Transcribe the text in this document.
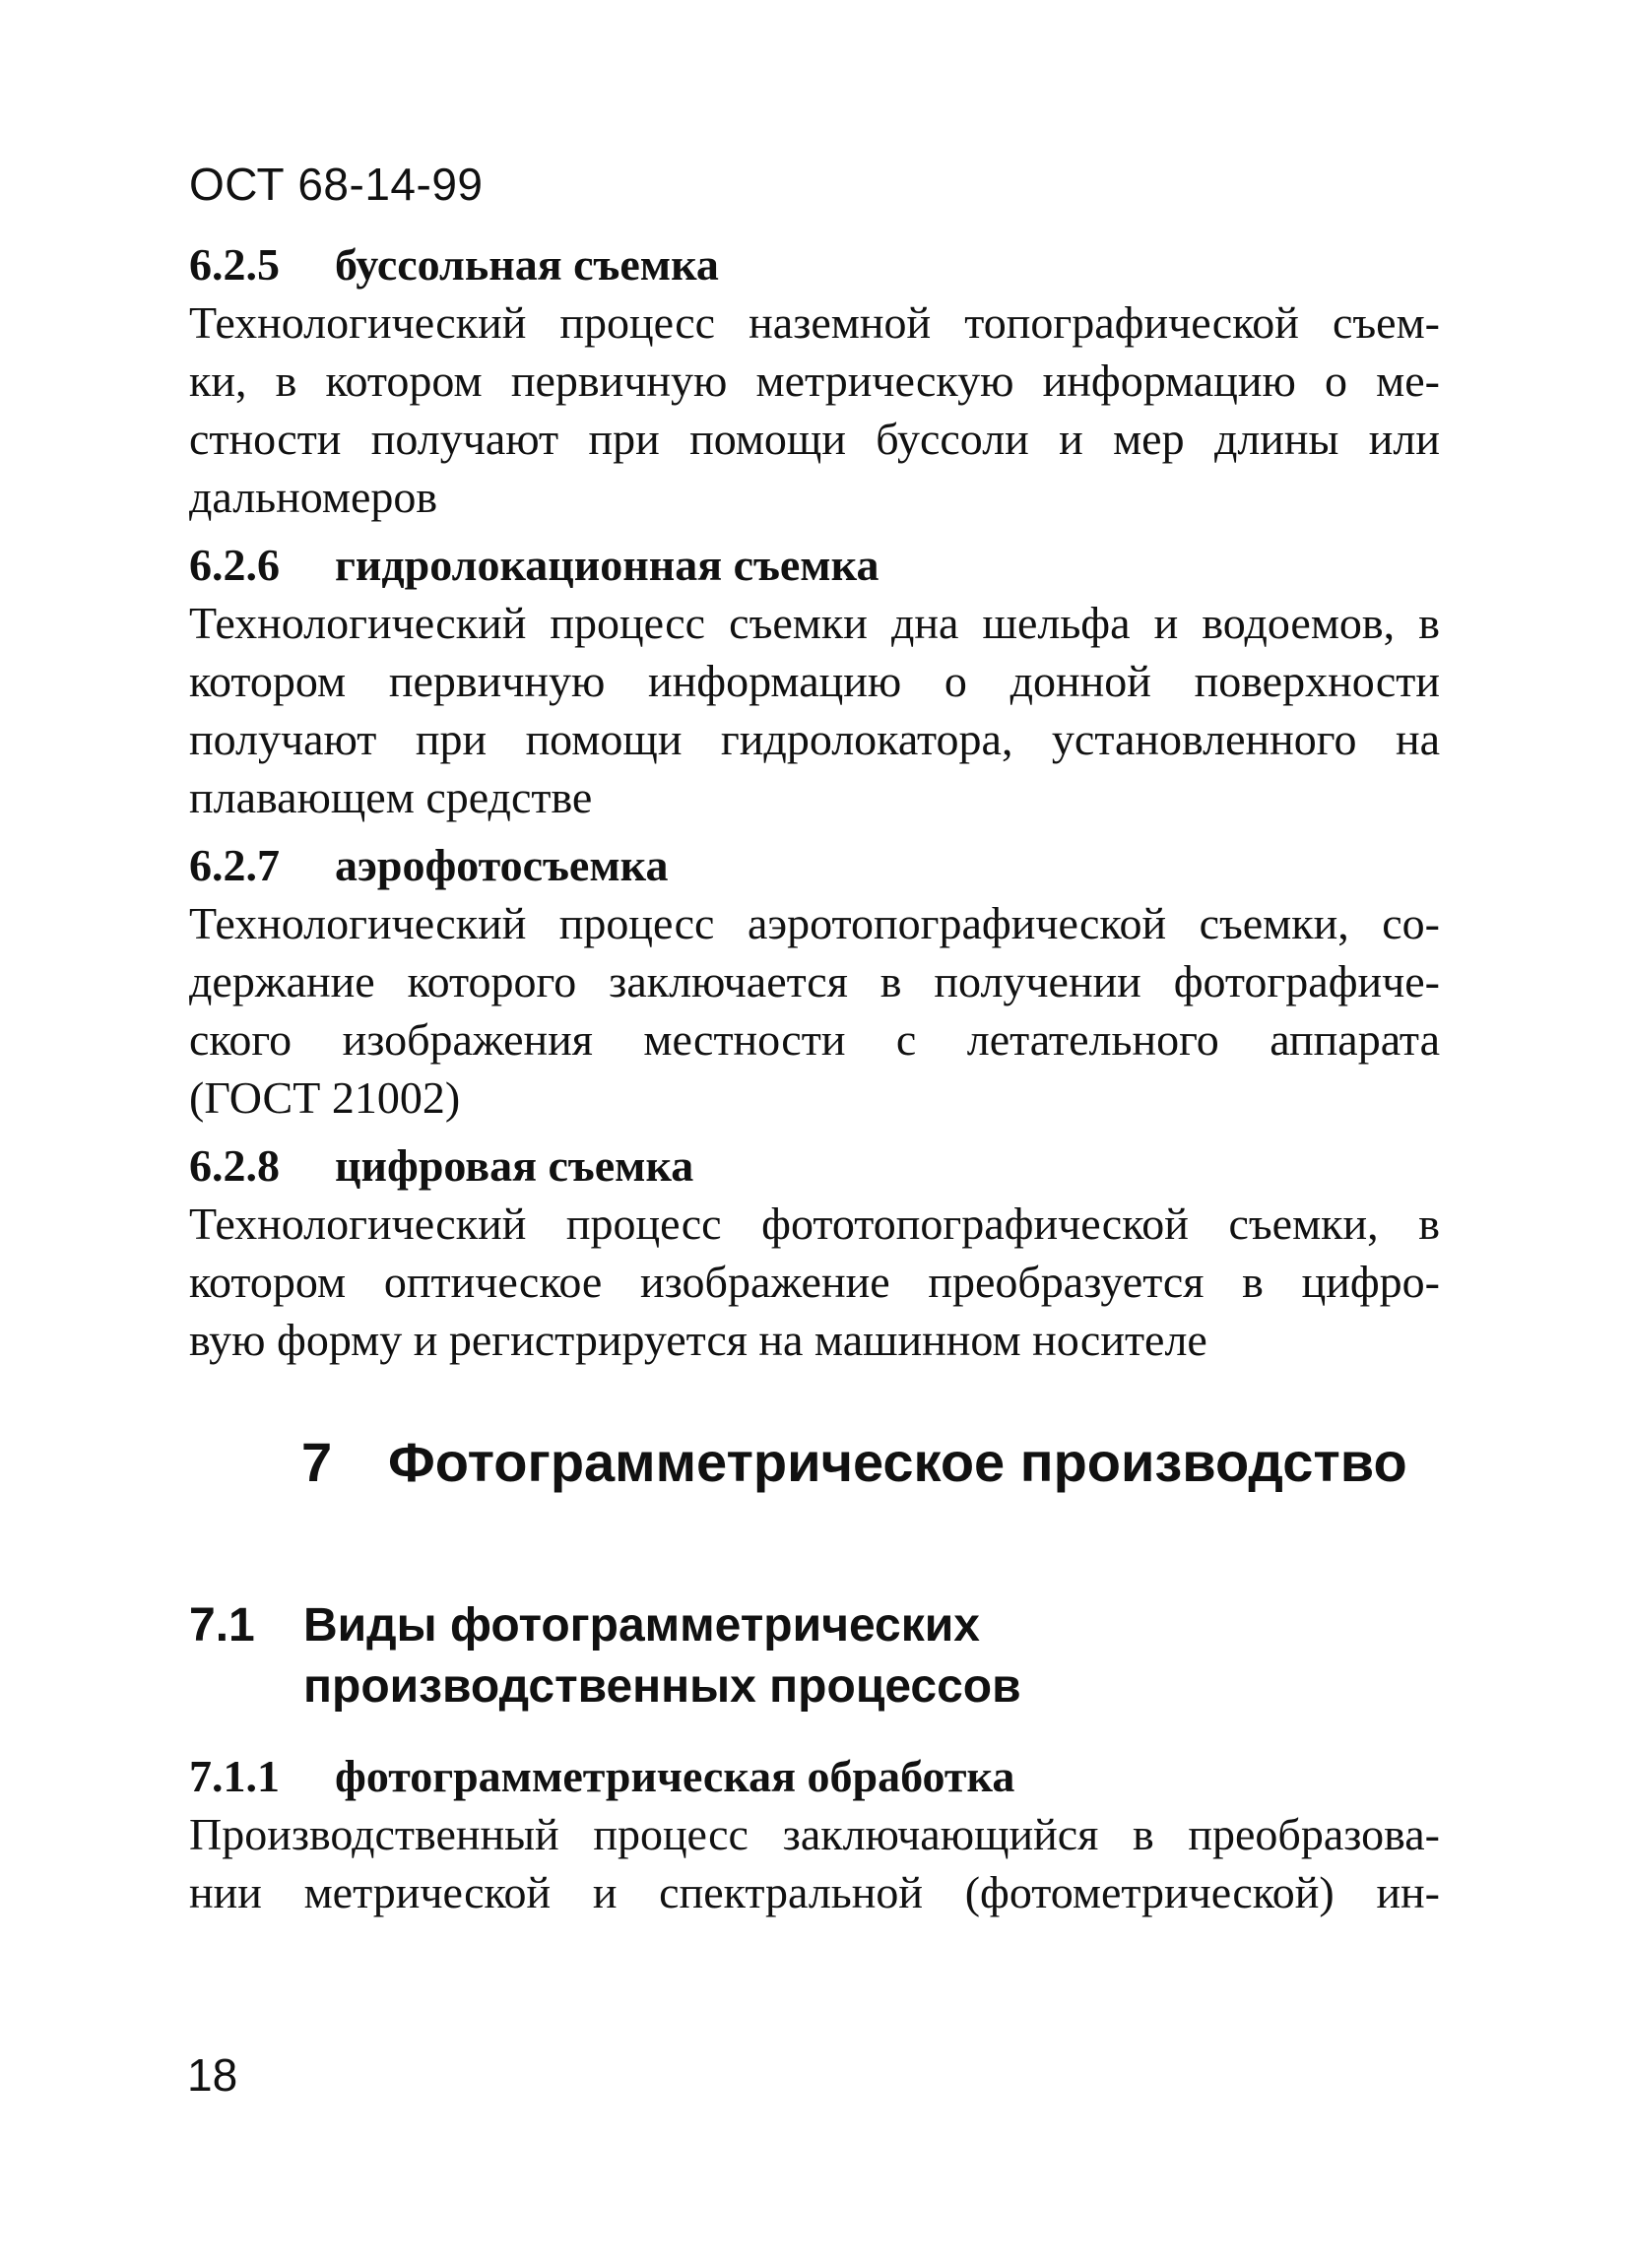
ОСТ 68-14-99
6.2.5 буссольная съемка
Технологический процесс наземной топографической съем-
ки, в котором первичную метрическую информацию о ме-
стности получают при помощи буссоли и мер длины или
дальномеров
6.2.6 гидролокационная съемка
Технологический процесс съемки дна шельфа и водоемов, в
котором первичную информацию о донной поверхности
получают при помощи гидролокатора, установленного на
плавающем средстве
6.2.7 аэрофотосъемка
Технологический процесс аэротопографической съемки, со-
держание которого заключается в получении фотографиче-
ского изображения местности с летательного аппарата
(ГОСТ 21002)
6.2.8 цифровая съемка
Технологический процесс фототопографической съемки, в
котором оптическое изображение преобразуется в цифро-
вую форму и регистрируется на машинном носителе
7 Фотограмметрическое производство
7.1 Виды фотограмметрических
производственных процессов
7.1.1 фотограмметрическая обработка
Производственный процесс заключающийся в преобразова-
нии метрической и спектральной (фотометрической) ин-
18
